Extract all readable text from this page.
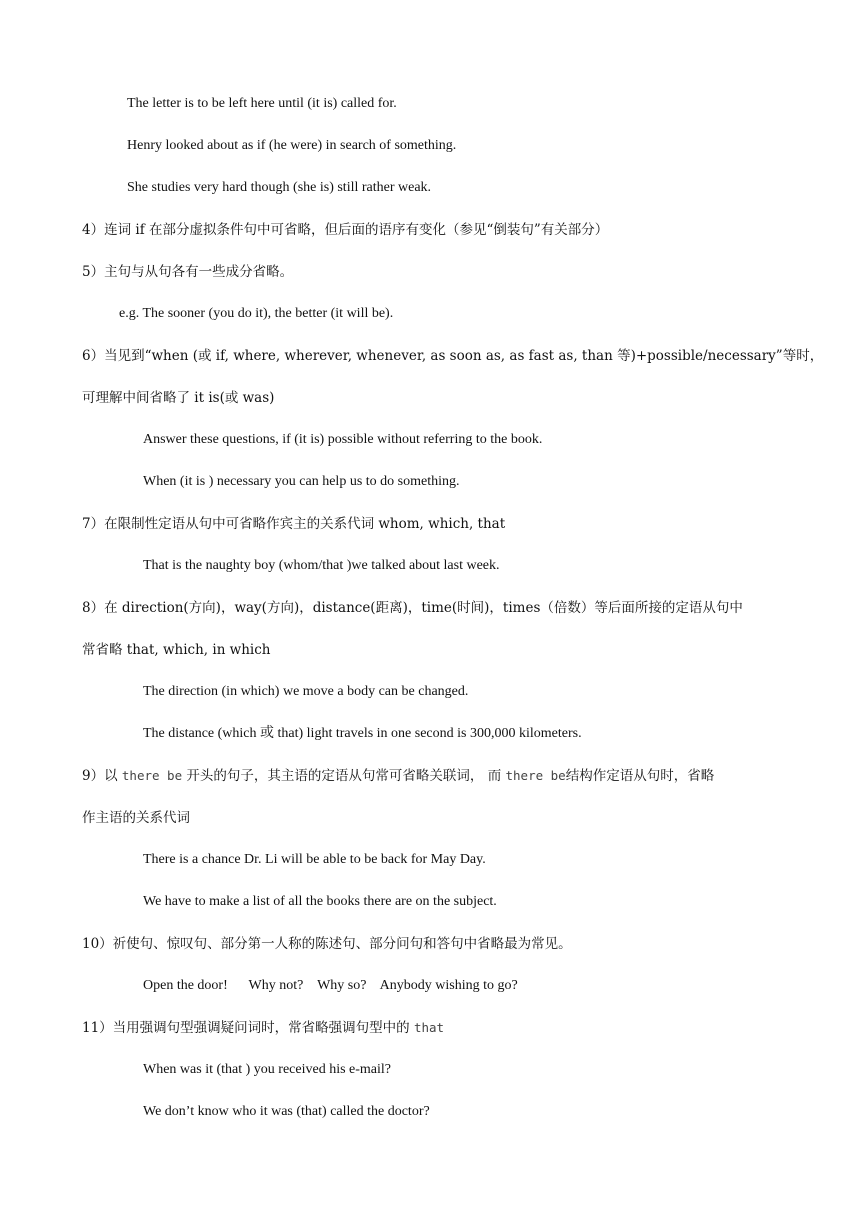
The letter is to be left here until (it is) called for.
Henry looked about as if (he were) in search of something.
She studies very hard though (she is) still rather weak.
4）连词 if 在部分虚拟条件句中可省略，但后面的语序有变化（参见“倒装句”有关部分）
5）主句与从句各有一些成分省略。
e.g. The sooner (you do it), the better (it will be).
6）当见到“when (或 if, where, wherever, whenever, as soon as, as fast as, than 等)+possible/necessary”等时，
可理解中间省略了 it is(或 was)
Answer these questions, if (it is) possible without referring to the book.
When (it is ) necessary you can help us to do something.
7）在限制性定语从句中可省略作宾主的关系代词 whom, which, that
That is the naughty boy (whom/that )we talked about last week.
8）在 direction(方向)，way(方向)，distance(距离)，time(时间)，times（倍数）等后面所接的定语从句中
常省略 that, which, in which
The direction (in which) we move a body can be changed.
The distance (which 或 that) light travels in one second is 300,000 kilometers.
9）以 there be 开头的句子，其主语的定语从句常可省略关联词， 而 there be结构作定语从句时，省略
作主语的关系代词
There is a chance Dr. Li will be able to be back for May Day.
We have to make a list of all the books there are on the subject.
10）祈使句、惊叹句、部分第一人称的陈述句、部分问句和答句中省略最为常见。
Open the door!      Why not?    Why so?    Anybody wishing to go?
11）当用强调句型强调疑问词时，常省略强调句型中的 that
When was it (that ) you received his e-mail?
We don’t know who it was (that) called the doctor?
